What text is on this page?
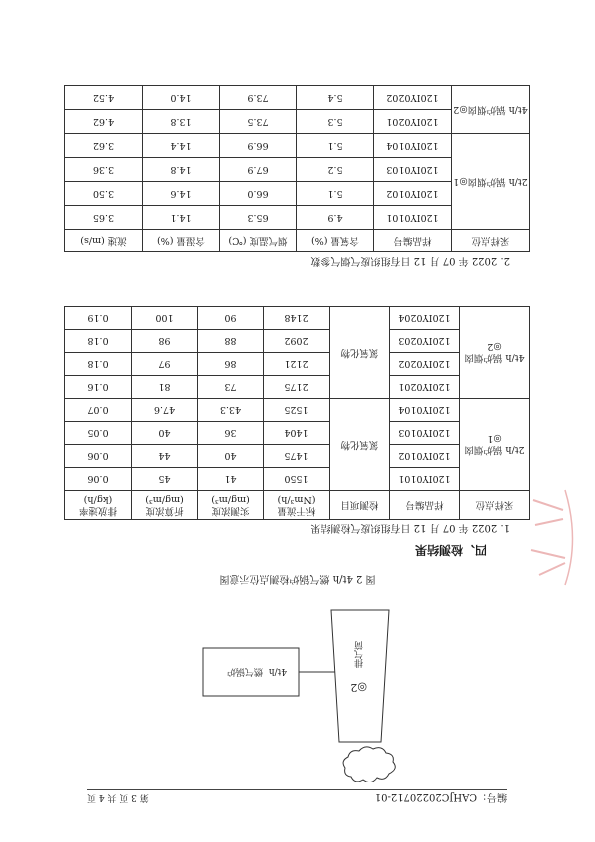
编号：CAHJC20220712-01
第 3 页 共 4 页
◎2
排气筒
4t/h
燃气锅炉
图 2 4t/h 燃气锅炉检测点位示意图
四、检测结果
1. 2022 年 07 月 12 日有组织废气检测结果
采样点位	样品编号	检测项目	标干流量 (Nm³/h)	实测浓度 (mg/m³)	折算浓度 (mg/m³)	排放速率 (kg/h)
2t/h 锅炉烟囱◎1	120IY0101	氮氧化物	1550	41	45	0.06
	120IY0102		1475	40	44	0.06
	120IY0103		1404	36	40	0.05
	120IY0104		1525	43.3	47.6	0.07
4t/h 锅炉烟囱◎2	120IY0201	氮氧化物	2175	73	81	0.16
	120IY0202		2121	86	97	0.18
	120IY0203		2092	88	98	0.18
	120IY0204		2148	90	100	0.19
2. 2022 年 07 月 12 日有组织废气烟气参数
采样点位	样品编号	含氧量 (%)	烟气温度 (℃)	含湿量 (%)	流速 (m/s)
2t/h 锅炉烟囱◎1	120IY0101	4.9	65.3	14.1	3.65
	120IY0102	5.1	66.0	14.6	3.50
	120IY0103	5.2	67.9	14.8	3.36
	120IY0104	5.1	66.9	14.4	3.62
4t/h 锅炉烟囱◎2	120IY0201	5.3	73.5	13.8	4.62
	120IY0202	5.4	73.9	14.0	4.52
